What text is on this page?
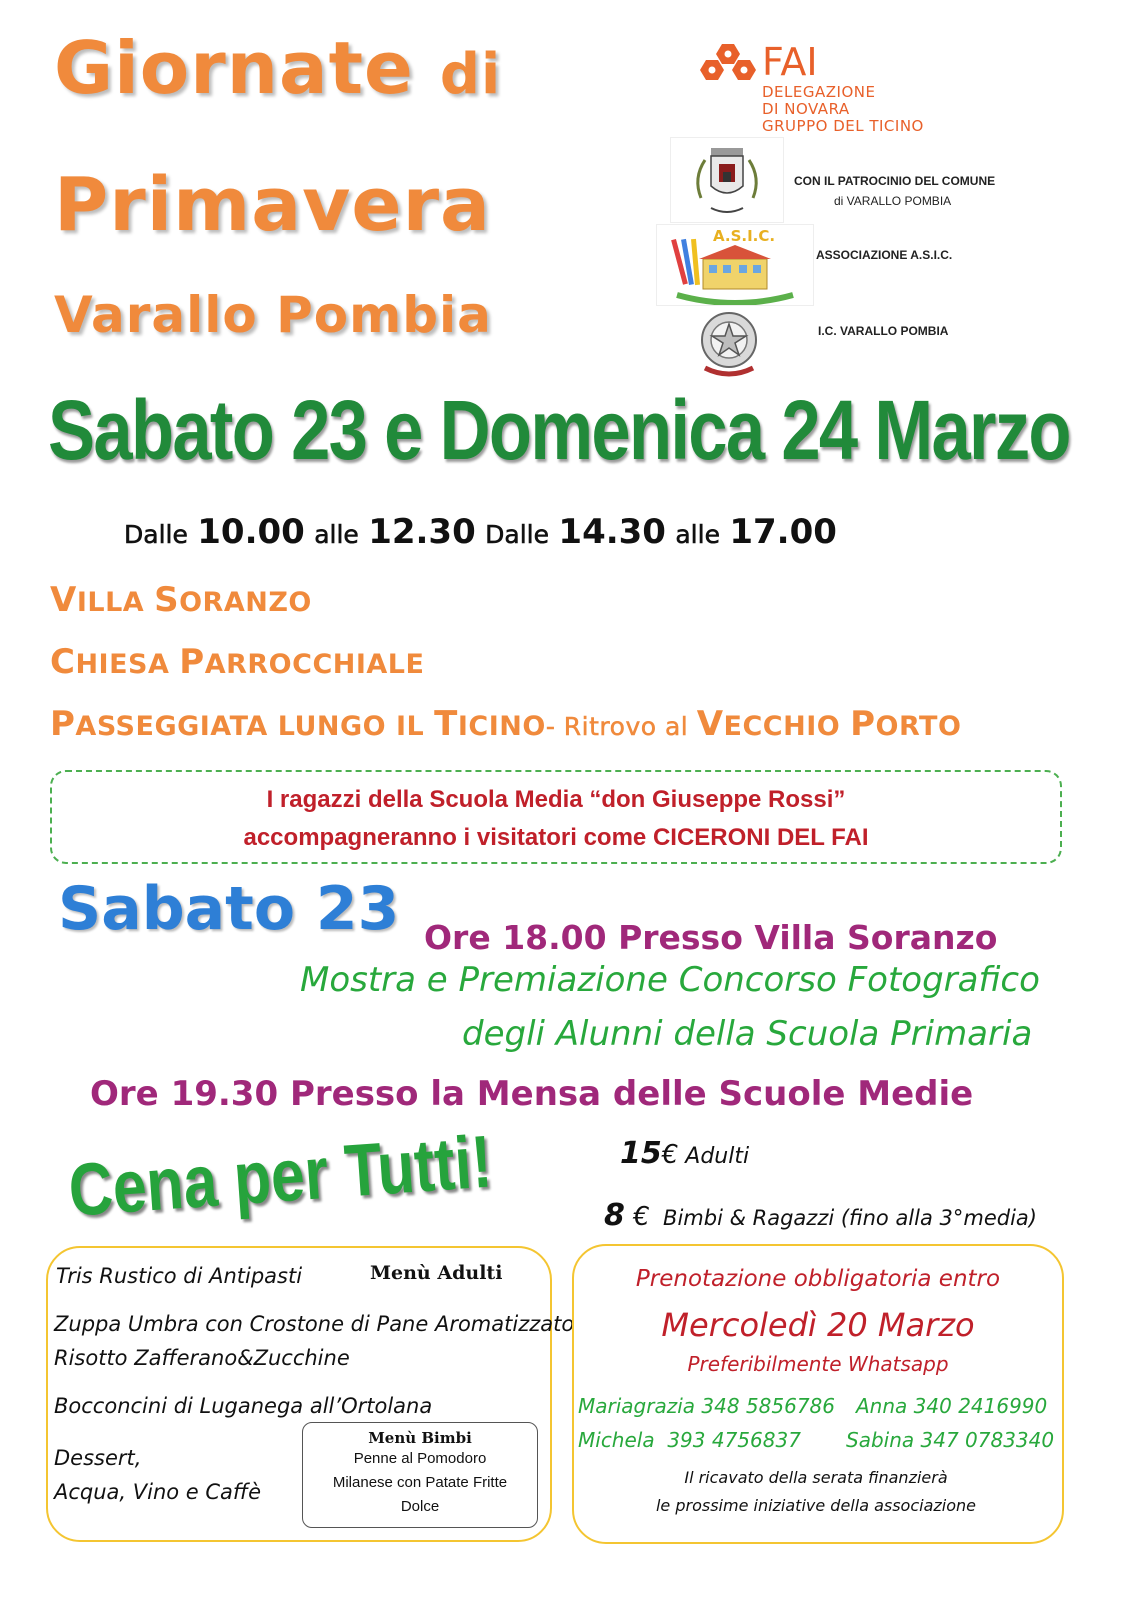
Giornate di
Primavera
Varallo Pombia
FAI
DELEGAZIONE
DI NOVARA
GRUPPO DEL TICINO
CON IL PATROCINIO DEL COMUNE
di VARALLO POMBIA
A.S.I.C.
ASSOCIAZIONE A.S.I.C.
I.C. VARALLO POMBIA
Sabato 23 e Domenica 24 Marzo
Dalle 10.00 alle 12.30 Dalle 14.30 alle 17.00
VILLA SORANZO
CHIESA PARROCCHIALE
PASSEGGIATA LUNGO IL TICINO- Ritrovo al VECCHIO PORTO
I ragazzi della Scuola Media “don Giuseppe Rossi”
accompagneranno i visitatori come CICERONI DEL FAI
Sabato 23 Ore 18.00 Presso Villa Soranzo
Mostra e Premiazione Concorso Fotografico
degli Alunni della Scuola Primaria
Ore 19.30 Presso la Mensa delle Scuole Medie
Cena per Tutti!	15€ Adulti
8 € Bimbi & Ragazzi (fino alla 3°media)
Menù Adulti
Tris Rustico di Antipasti
Zuppa Umbra con Crostone di Pane Aromatizzato
Risotto Zafferano&Zucchine
Bocconcini di Luganega all’Ortolana
Dessert,
Acqua, Vino e Caffè
Menù Bimbi
Penne al Pomodoro
Milanese con Patate Fritte
Dolce
Prenotazione obbligatoria entro
Mercoledì 20 Marzo
Preferibilmente Whatsapp
Mariagrazia 348 5856786 Anna 340 2416990
Michela 393 4756837 Sabina 347 0783340
Il ricavato della serata finanzierà
le prossime iniziative della associazione
